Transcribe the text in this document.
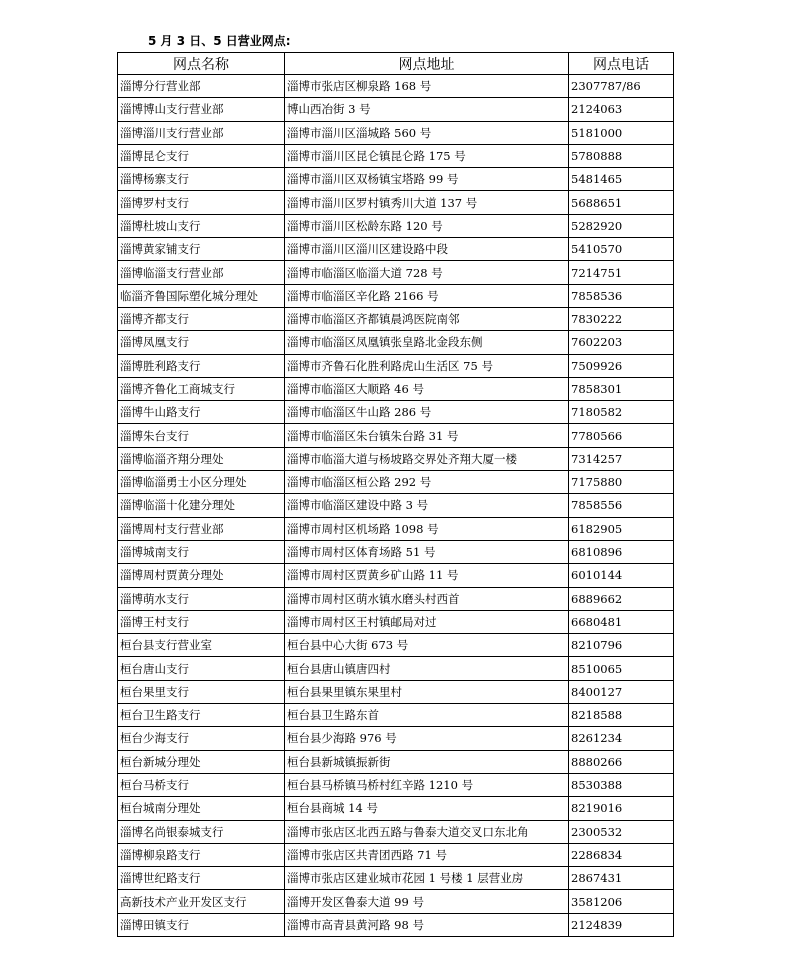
5 月 3 日、5 日营业网点:
网点名称	网点地址	网点电话
淄博分行营业部	淄博市张店区柳泉路 168 号	2307787/86
淄博博山支行营业部	博山西冶街 3 号	2124063
淄博淄川支行营业部	淄博市淄川区淄城路 560 号	5181000
淄博昆仑支行	淄博市淄川区昆仑镇昆仑路 175 号	5780888
淄博杨寨支行	淄博市淄川区双杨镇宝塔路 99 号	5481465
淄博罗村支行	淄博市淄川区罗村镇秀川大道 137 号	5688651
淄博杜坡山支行	淄博市淄川区松龄东路 120 号	5282920
淄博黄家铺支行	淄博市淄川区淄川区建设路中段	5410570
淄博临淄支行营业部	淄博市临淄区临淄大道 728 号	7214751
临淄齐鲁国际塑化城分理处	淄博市临淄区辛化路 2166 号	7858536
淄博齐都支行	淄博市临淄区齐都镇晨鸿医院南邻	7830222
淄博凤凰支行	淄博市临淄区凤凰镇张皇路北金段东侧	7602203
淄博胜利路支行	淄博市齐鲁石化胜利路虎山生活区 75 号	7509926
淄博齐鲁化工商城支行	淄博市临淄区大顺路 46 号	7858301
淄博牛山路支行	淄博市临淄区牛山路 286 号	7180582
淄博朱台支行	淄博市临淄区朱台镇朱台路 31 号	7780566
淄博临淄齐翔分理处	淄博市临淄大道与杨坡路交界处齐翔大厦一楼	7314257
淄博临淄勇士小区分理处	淄博市临淄区桓公路 292 号	7175880
淄博临淄十化建分理处	淄博市临淄区建设中路 3 号	7858556
淄博周村支行营业部	淄博市周村区机场路 1098 号	6182905
淄博城南支行	淄博市周村区体育场路 51 号	6810896
淄博周村贾黄分理处	淄博市周村区贾黄乡矿山路 11 号	6010144
淄博萌水支行	淄博市周村区萌水镇水磨头村西首	6889662
淄博王村支行	淄博市周村区王村镇邮局对过	6680481
桓台县支行营业室	桓台县中心大街 673 号	8210796
桓台唐山支行	桓台县唐山镇唐四村	8510065
桓台果里支行	桓台县果里镇东果里村	8400127
桓台卫生路支行	桓台县卫生路东首	8218588
桓台少海支行	桓台县少海路 976 号	8261234
桓台新城分理处	桓台县新城镇振新街	8880266
桓台马桥支行	桓台县马桥镇马桥村红辛路 1210 号	8530388
桓台城南分理处	桓台县商城 14 号	8219016
淄博名尚银泰城支行	淄博市张店区北西五路与鲁泰大道交叉口东北角	2300532
淄博柳泉路支行	淄博市张店区共青团西路 71 号	2286834
淄博世纪路支行	淄博市张店区建业城市花园 1 号楼 1 层营业房	2867431
高新技术产业开发区支行	淄博开发区鲁泰大道 99 号	3581206
淄博田镇支行	淄博市高青县黄河路 98 号	2124839
